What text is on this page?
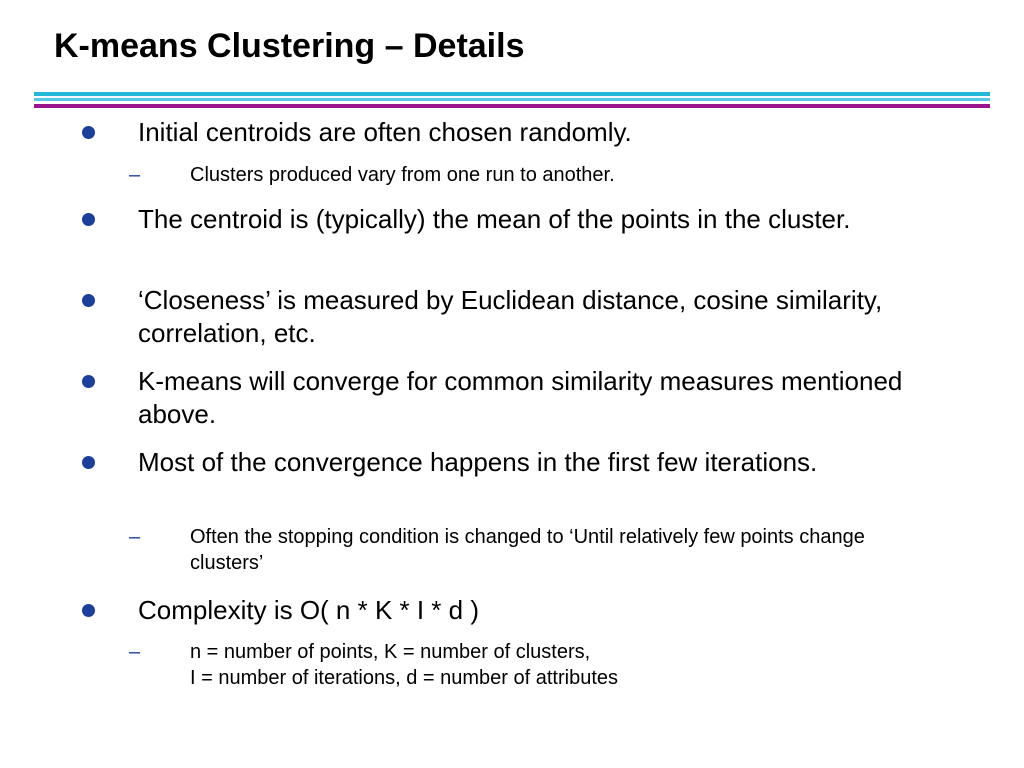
K-means Clustering – Details
Initial centroids are often chosen randomly.
– Clusters produced vary from one run to another.
The centroid is (typically) the mean of the points in the cluster.
‘Closeness’ is measured by Euclidean distance, cosine similarity, correlation, etc.
K-means will converge for common similarity measures mentioned above.
Most of the convergence happens in the first few iterations.
– Often the stopping condition is changed to ‘Until relatively few points change clusters’
Complexity is O( n * K * I * d )
– n = number of points, K = number of clusters,
I = number of iterations, d = number of attributes
